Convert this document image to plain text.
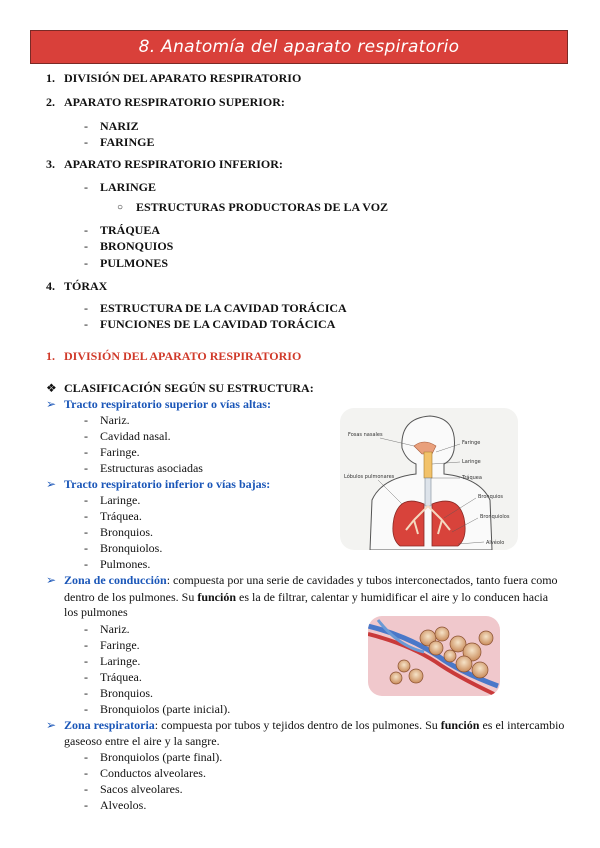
8. Anatomía del aparato respiratorio
1. DIVISIÓN DEL APARATO RESPIRATORIO
2. APARATO RESPIRATORIO SUPERIOR:
- NARIZ
- FARINGE
3. APARATO RESPIRATORIO INFERIOR:
- LARINGE
○ ESTRUCTURAS PRODUCTORAS DE LA VOZ
- TRÁQUEA
- BRONQUIOS
- PULMONES
4. TÓRAX
- ESTRUCTURA DE LA CAVIDAD TORÁCICA
- FUNCIONES DE LA CAVIDAD TORÁCICA
1. DIVISIÓN DEL APARATO RESPIRATORIO
❖ CLASIFICACIÓN SEGÚN SU ESTRUCTURA:
➢ Tracto respiratorio superior o vías altas:
- Nariz.
- Cavidad nasal.
- Faringe.
- Estructuras asociadas
➢ Tracto respiratorio inferior o vías bajas:
- Laringe.
- Tráquea.
- Bronquios.
- Bronquiolos.
- Pulmones.
➢ Zona de conducción: compuesta por una serie de cavidades y tubos interconectados, tanto fuera como
dentro de los pulmones. Su función es la de filtrar, calentar y humidificar el aire y lo conducen hacia
los pulmones
- Nariz.
- Faringe.
- Laringe.
- Tráquea.
- Bronquios.
- Bronquiolos (parte inicial).
➢ Zona respiratoria: compuesta por tubos y tejidos dentro de los pulmones. Su función es el intercambio
gaseoso entre el aire y la sangre.
- Bronquiolos (parte final).
- Conductos alveolares.
- Sacos alveolares.
- Alveolos.
Fosas nasales
Faringe
Laringe
Tráquea
Lóbulos pulmonares
Bronquios
Bronquiolos
Alvéolo
